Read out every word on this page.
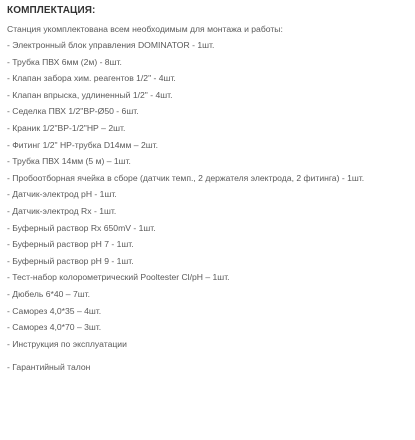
КОМПЛЕКТАЦИЯ:
Станция укомплектована всем необходимым для монтажа и работы:
- Электронный блок управления DOMINATOR - 1шт.
- Трубка ПВХ 6мм (2м) - 8шт.
- Клапан забора хим. реагентов 1/2" - 4шт.
- Клапан впрыска, удлиненный 1/2" - 4шт.
- Седелка ПВХ 1/2"ВР-Ø50 - 6шт.
- Краник 1/2"ВР-1/2"НР – 2шт.
- Фитинг 1/2" НР-трубка D14мм – 2шт.
- Трубка ПВХ 14мм (5 м) – 1шт.
- Пробоотборная ячейка в сборе (датчик темп., 2 держателя электрода, 2 фитинга) - 1шт.
- Датчик-электрод pH - 1шт.
- Датчик-электрод Rx - 1шт.
- Буферный раствор Rx 650mV - 1шт.
- Буферный раствор pH 7 - 1шт.
- Буферный раствор pH 9 - 1шт.
- Тест-набор колорометрический Pooltester Cl/pH – 1шт.
- Дюбель 6*40 – 7шт.
- Саморез 4,0*35 – 4шт.
- Саморез 4,0*70 – 3шт.
- Инструкция по эксплуатации
- Гарантийный талон
